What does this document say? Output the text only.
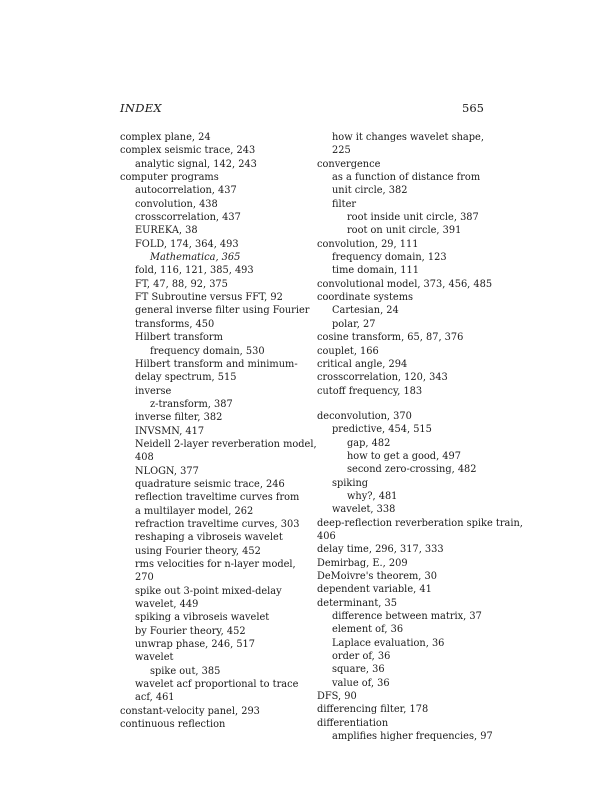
INDEX	565
complex plane, 24
complex seismic trace, 243
analytic signal, 142, 243
computer programs
autocorrelation, 437
convolution, 438
crosscorrelation, 437
EUREKA, 38
FOLD, 174, 364, 493
Mathematica, 365
fold, 116, 121, 385, 493
FT, 47, 88, 92, 375
FT Subroutine versus FFT, 92
general inverse filter using Fourier
transforms, 450
Hilbert transform
frequency domain, 530
Hilbert transform and minimum-
delay spectrum, 515
inverse
z-transform, 387
inverse filter, 382
INVSMN, 417
Neidell 2-layer reverberation model,
408
NLOGN, 377
quadrature seismic trace, 246
reflection traveltime curves from
a multilayer model, 262
refraction traveltime curves, 303
reshaping a vibroseis wavelet
using Fourier theory, 452
rms velocities for n-layer model,
270
spike out 3-point mixed-delay
wavelet, 449
spiking a vibroseis wavelet
by Fourier theory, 452
unwrap phase, 246, 517
wavelet
spike out, 385
wavelet acf proportional to trace
acf, 461
constant-velocity panel, 293
continuous reflection
how it changes wavelet shape,
225
convergence
as a function of distance from
unit circle, 382
filter
root inside unit circle, 387
root on unit circle, 391
convolution, 29, 111
frequency domain, 123
time domain, 111
convolutional model, 373, 456, 485
coordinate systems
Cartesian, 24
polar, 27
cosine transform, 65, 87, 376
couplet, 166
critical angle, 294
crosscorrelation, 120, 343
cutoff frequency, 183
deconvolution, 370
predictive, 454, 515
gap, 482
how to get a good, 497
second zero-crossing, 482
spiking
why?, 481
wavelet, 338
deep-reflection reverberation spike train,
406
delay time, 296, 317, 333
Demirbag, E., 209
DeMoivre's theorem, 30
dependent variable, 41
determinant, 35
difference between matrix, 37
element of, 36
Laplace evaluation, 36
order of, 36
square, 36
value of, 36
DFS, 90
differencing filter, 178
differentiation
amplifies higher frequencies, 97
